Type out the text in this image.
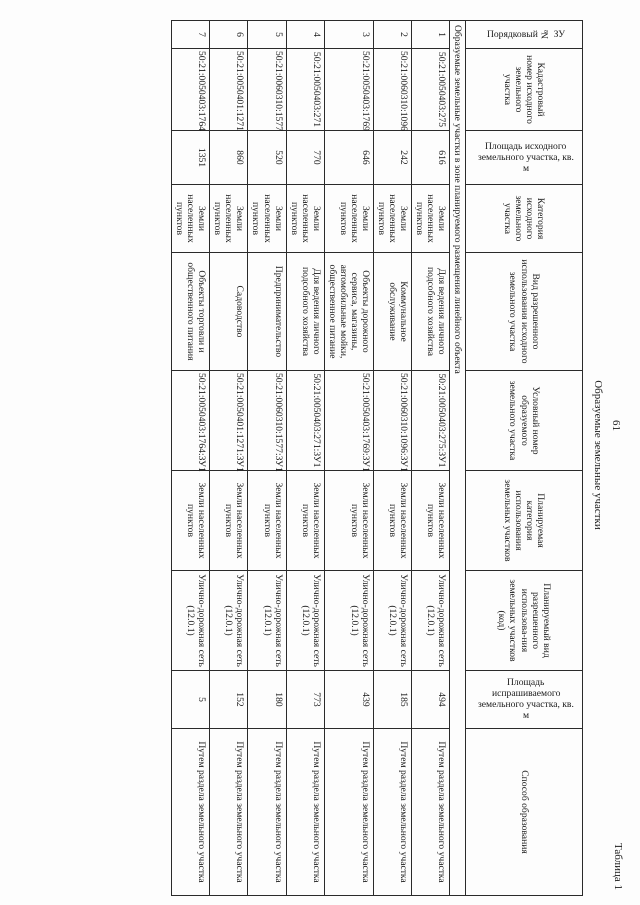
61
Таблица 1
Образуемые земельные участки
Порядковый № ЗУ	Кадастровый номер исходного земельного участка	Площадь исходного земельного участка, кв. м	Категория исходного земельного участка	Вид разрешенного использования исходного земельного участка	Условный номер образуемого земельного участка	Планируемая категория использования земельных участков	Планируемый вид разрешенного использова-ния земельных участков (код)	Площадь испрашиваемого земельного участка, кв. м	Способ образования
Образуемые земельные участки в зоне планируемого размещения линейного объекта									
1	50:21:0050403:275	616	Земли населенных пунктов	Для ведения личного подсобного хозяйства	50:21:0050403:275:ЗУ1	Земли населенных пунктов	Улично-дорожная сеть (12.0.1)	494	Путем раздела земельного участка
2	50:21:0060310:1096	242	Земли населенных пунктов	Коммунальное обслуживание	50:21:0060310:1096:ЗУ1	Земли населенных пунктов	Улично-дорожная сеть (12.0.1)	185	Путем раздела земельного участка
3	50:21:0050403:1769	646	Земли населенных пунктов	Объекты дорожного сервиса, магазины, автомобильные мойки, общественное питание	50:21:0050403:1769:ЗУ1	Земли населенных пунктов	Улично-дорожная сеть (12.0.1)	439	Путем раздела земельного участка
4	50:21:0050403:271	770	Земли населенных пунктов	Для ведения личного подсобного хозяйства	50:21:0050403:271:ЗУ1	Земли населенных пунктов	Улично-дорожная сеть (12.0.1)	773	Путем раздела земельного участка
5	50:21:0060310:1577	520	Земли населенных пунктов	Предпринимательство	50:21:0060310:1577:ЗУ1	Земли населенных пунктов	Улично-дорожная сеть (12.0.1)	180	Путем раздела земельного участка
6	50:21:0050401:1271	860	Земли населенных пунктов	Садоводство	50:21:0050401:1271:ЗУ1	Земли населенных пунктов	Улично-дорожная сеть (12.0.1)	152	Путем раздела земельного участка
7	50:21:0050403:1764	1351	Земли населенных пунктов	Объекты торговли и общественного питания	50:21:0050403:1764:ЗУ1	Земли населенных пунктов	Улично-дорожная сеть (12.0.1)	5	Путем раздела земельного участка
